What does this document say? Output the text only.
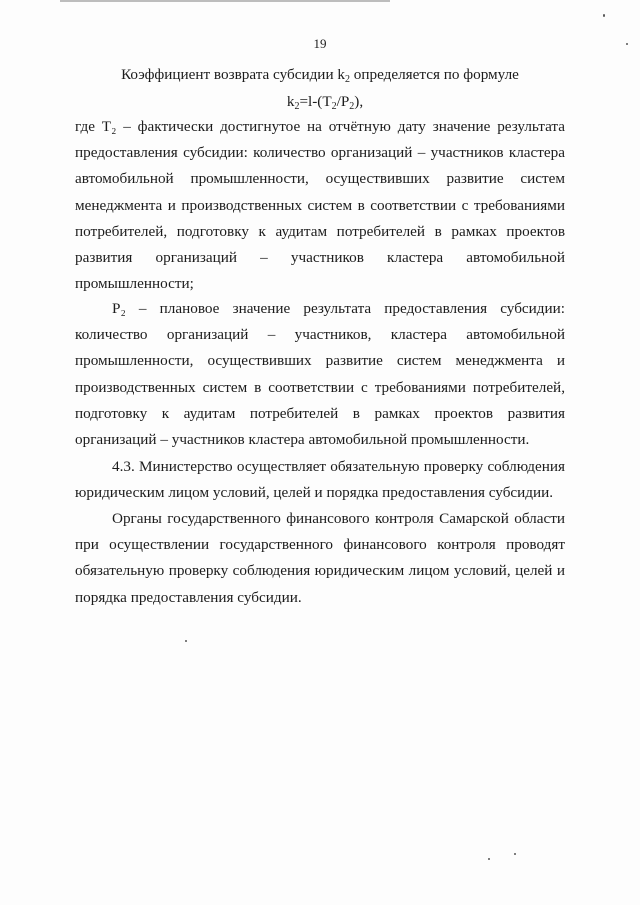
19
Коэффициент возврата субсидии $k_2$ определяется по формуле
$k_2=l-(T_2/P_2)$,
где T₂ – фактически достигнутое на отчётную дату значение результата
предоставления субсидии: количество организаций – участников кластера
автомобильной промышленности, осуществивших развитие систем
менеджмента и производственных систем в соответствии с требованиями
потребителей, подготовку к аудитам потребителей в рамках проектов
развития организаций – участников кластера автомобильной
промышленности;
P₂ – плановое значение результата предоставления субсидии:
количество организаций – участников, кластера автомобильной
промышленности, осуществивших развитие систем менеджмента и
производственных систем в соответствии с требованиями потребителей,
подготовку к аудитам потребителей в рамках проектов развития
организаций – участников кластера автомобильной промышленности.
4.3. Министерство осуществляет обязательную проверку соблюдения
юридическим лицом условий, целей и порядка предоставления субсидии.
Органы государственного финансового контроля Самарской области
при осуществлении государственного финансового контроля проводят
обязательную проверку соблюдения юридическим лицом условий, целей и
порядка предоставления субсидии.
